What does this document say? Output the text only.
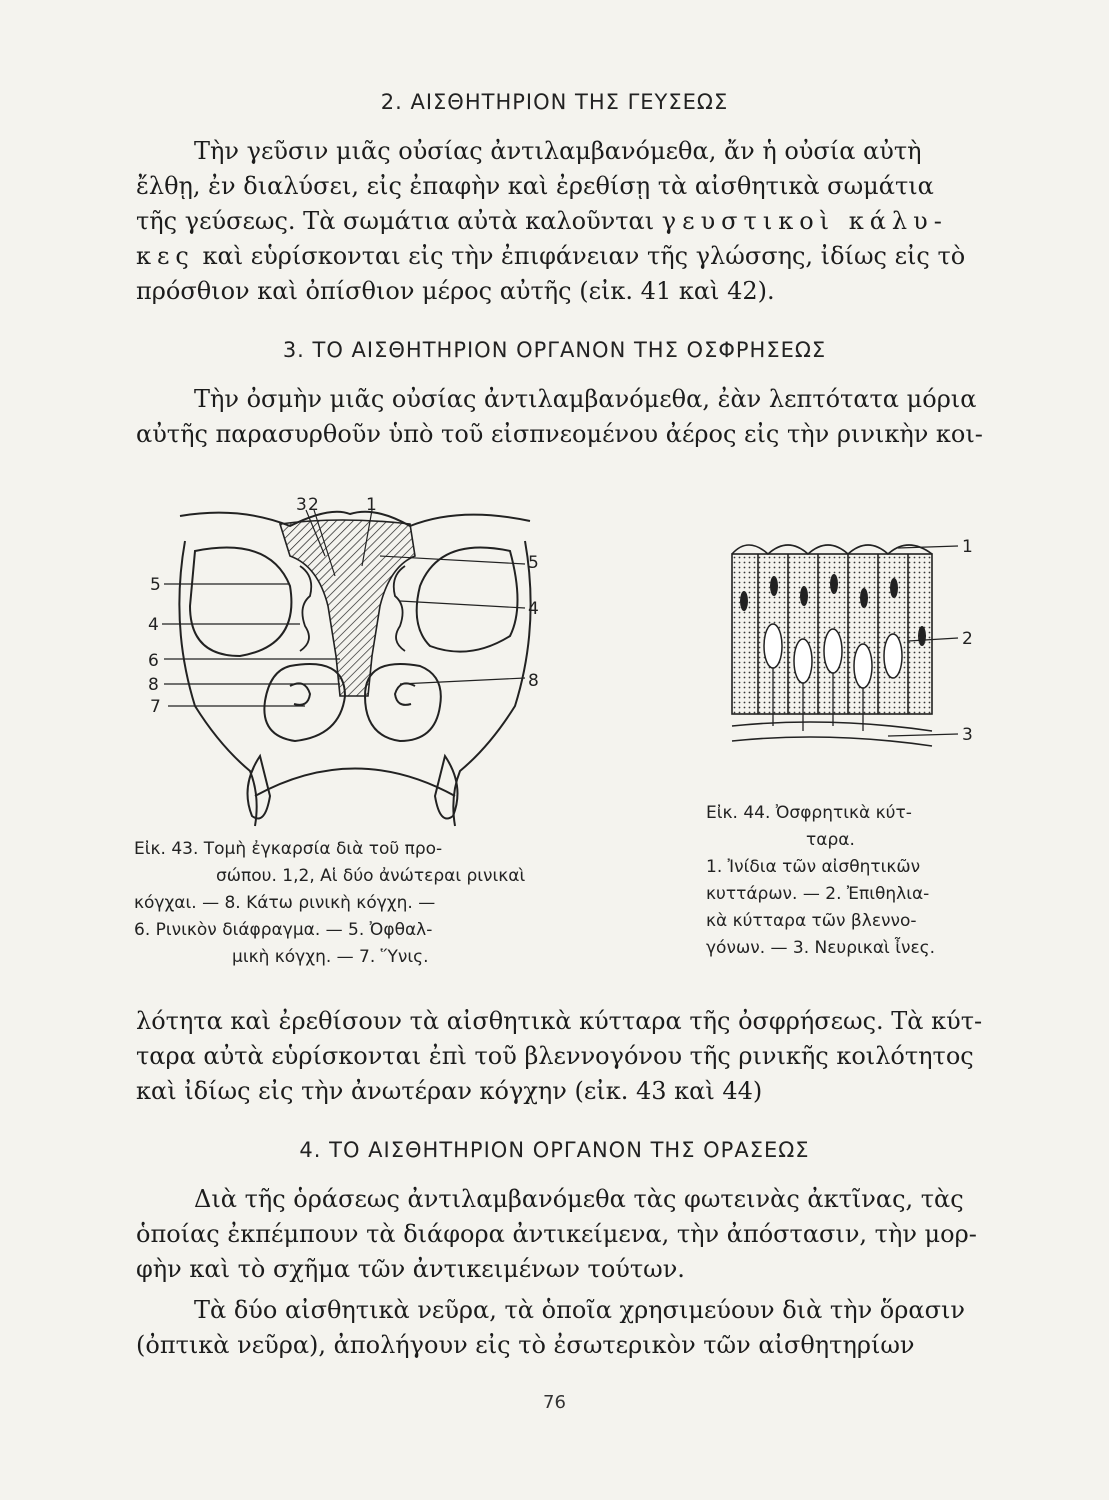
2. ΑΙΣΘΗΤΗΡΙΟΝ ΤΗΣ ΓΕΥΣΕΩΣ
Τὴν γεῦσιν μιᾶς οὐσίας ἀντιλαμβανόμεθα, ἄν ἡ οὐσία αὐτὴ
ἔλθῃ, ἐν διαλύσει, εἰς ἐπαφὴν καὶ ἐρεθίσῃ τὰ αἰσθητικὰ σωμάτια
τῆς γεύσεως. Τὰ σωμάτια αὐτὰ καλοῦνται γευστικοὶ κάλυ-
κες καὶ εὑρίσκονται εἰς τὴν ἐπιφάνειαν τῆς γλώσσης, ἰδίως εἰς τὸ
πρόσθιον καὶ ὀπίσθιον μέρος αὐτῆς (εἰκ. 41 καὶ 42).
3. ΤΟ ΑΙΣΘΗΤΗΡΙΟΝ ΟΡΓΑΝΟΝ ΤΗΣ ΟΣΦΡΗΣΕΩΣ
Τὴν ὀσμὴν μιᾶς οὐσίας ἀντιλαμβανόμεθα, ἐὰν λεπτότατα μόρια
αὐτῆς παρασυρθοῦν ὑπὸ τοῦ εἰσπνεομένου ἀέρος εἰς τὴν ρινικὴν κοι-
3 2	1
5
4
6
8
7
5
4
8
1
2
3
Εἰκ. 43. Τομὴ ἐγκαρσία διὰ τοῦ προ-
σώπου. 1,2, Αἱ δύο ἀνώτεραι ρινικαὶ
κόγχαι. — 8. Κάτω ρινικὴ κόγχη. —
6. Ρινικὸν διάφραγμα. — 5. Ὀφθαλ-
μικὴ κόγχη. — 7. Ὕνις.
Εἰκ. 44. Ὀσφρητικὰ κύτ-
ταρα.
1. Ἰνίδια τῶν αἰσθητικῶν
κυττάρων. — 2. Ἐπιθηλια-
κὰ κύτταρα τῶν βλεννο-
γόνων. — 3. Νευρικαὶ ἶνες.
λότητα καὶ ἐρεθίσουν τὰ αἰσθητικὰ κύτταρα τῆς ὀσφρήσεως. Τὰ κύτ-
ταρα αὐτὰ εὑρίσκονται ἐπὶ τοῦ βλεννογόνου τῆς ρινικῆς κοιλότητος
καὶ ἰδίως εἰς τὴν ἀνωτέραν κόγχην (εἰκ. 43 καὶ 44)
4. ΤΟ ΑΙΣΘΗΤΗΡΙΟΝ ΟΡΓΑΝΟΝ ΤΗΣ ΟΡΑΣΕΩΣ
Διὰ τῆς ὁράσεως ἀντιλαμβανόμεθα τὰς φωτεινὰς ἀκτῖνας, τὰς
ὁποίας ἐκπέμπουν τὰ διάφορα ἀντικείμενα, τὴν ἀπόστασιν, τὴν μορ-
φὴν καὶ τὸ σχῆμα τῶν ἀντικειμένων τούτων.
Τὰ δύο αἰσθητικὰ νεῦρα, τὰ ὁποῖα χρησιμεύουν διὰ τὴν ὅρασιν
(ὀπτικὰ νεῦρα), ἀπολήγουν εἰς τὸ ἐσωτερικὸν τῶν αἰσθητηρίων
76
